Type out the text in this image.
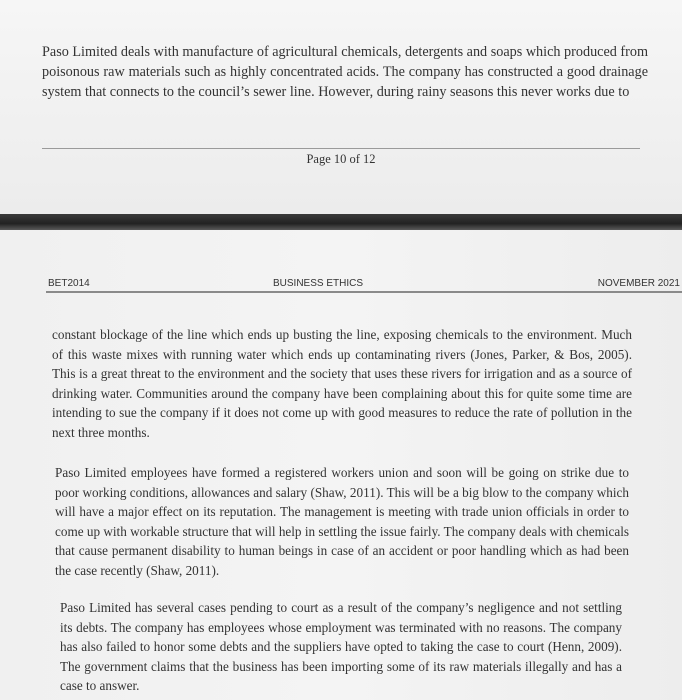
Paso Limited deals with manufacture of agricultural chemicals, detergents and soaps which produced from poisonous raw materials such as highly concentrated acids. The company has constructed a good drainage system that connects to the council’s sewer line. However, during rainy seasons this never works due to
Page 10 of 12
BET2014	BUSINESS ETHICS	NOVEMBER 2021
constant blockage of the line which ends up busting the line, exposing chemicals to the environment. Much of this waste mixes with running water which ends up contaminating rivers (Jones, Parker, & Bos, 2005). This is a great threat to the environment and the society that uses these rivers for irrigation and as a source of drinking water. Communities around the company have been complaining about this for quite some time are intending to sue the company if it does not come up with good measures to reduce the rate of pollution in the next three months.
Paso Limited employees have formed a registered workers union and soon will be going on strike due to poor working conditions, allowances and salary (Shaw, 2011). This will be a big blow to the company which will have a major effect on its reputation. The management is meeting with trade union officials in order to come up with workable structure that will help in settling the issue fairly. The company deals with chemicals that cause permanent disability to human beings in case of an accident or poor handling which as had been the case recently (Shaw, 2011).
Paso Limited has several cases pending to court as a result of the company’s negligence and not settling its debts. The company has employees whose employment was terminated with no reasons. The company has also failed to honor some debts and the suppliers have opted to taking the case to court (Henn, 2009). The government claims that the business has been importing some of its raw materials illegally and has a case to answer.
